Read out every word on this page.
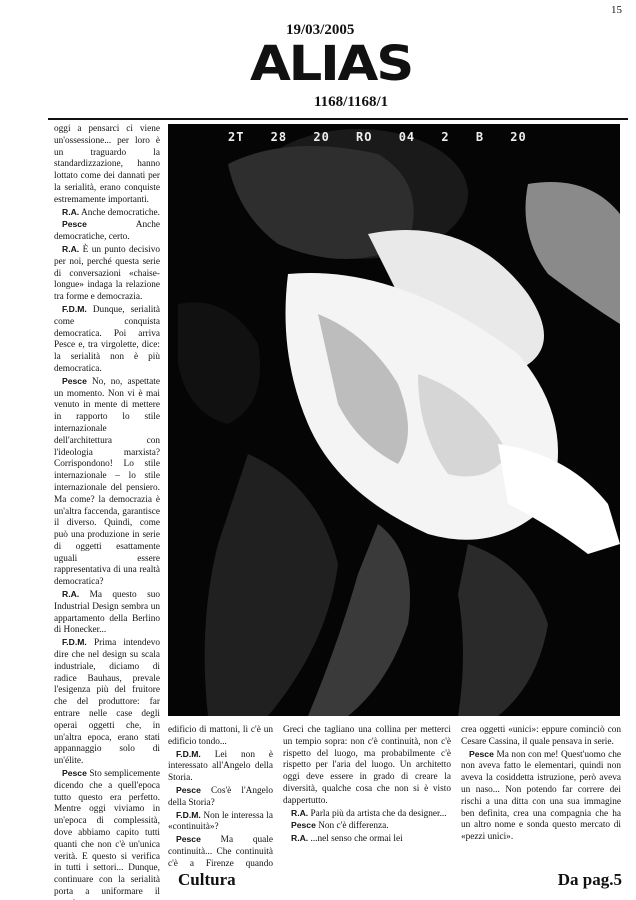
15
19/03/2005
ALIAS
1168/1168/1

oggi a pensarci ci viene un'ossessione... per loro è un traguardo la standardizzazione, hanno lottato come dei dannati per la serialità, erano conquiste estremamente importanti.

R.A. Anche democratiche.

Pesce	Anche democratiche, certo.

R.A. È un punto decisivo per noi, perché questa serie di conversazioni «chaise-longue» indaga la relazione tra forme e democrazia.

F.D.M. Dunque, serialità come conquista democratica. Poi arriva Pesce e, tra virgolette, dice: la serialità non è più democratica.

Pesce No, no, aspettate un momento. Non vi è mai venuto in mente di mettere in rapporto lo stile internazionale dell'architettura con l'ideologia marxista? Corrispondono! Lo stile internazionale – lo stile internazionale del pensiero. Ma come? la democrazia è un'altra faccenda, garantisce il diverso. Quindi, come può una produzione in serie di oggetti esattamente uguali essere rappresentativa di una realtà democratica?

R.A. Ma questo suo Industrial Design sembra un appartamento della Berlino di Honecker...

F.D.M. Prima intendevo dire che nel design su scala industriale, diciamo di radice Bauhaus, prevale l'esigenza più del fruitore che del produttore: far entrare nelle case degli operai oggetti che, in un'altra epoca, erano stati appannaggio solo di un'élite.

Pesce Sto semplicemente dicendo che a quell'epoca tutto questo era perfetto. Mentre oggi viviamo in un'epoca di complessità, dove abbiamo capito tutti quanti che non c'è un'unica verità. E questo si verifica in tutti i settori... Dunque, continuare con la serialità porta a uniformare il

2T 28 20 RO 04 2 B 20

edificio di mattoni, lì c'è un edificio tondo...

F.D.M. Lei non è interessato all'Angelo della Storia.

Pesce Cos'è l'Angelo della Storia?

F.D.M. Non le interessa la «continuità»?

Pesce Ma quale continuità... Che continuità c'è a Firenze quando

Greci che tagliano una collina per metterci un tempio sopra: non c'è continuità, non c'è rispetto del luogo, ma probabilmente c'è rispetto per l'aria del luogo. Un architetto oggi deve essere in grado di creare la diversità, qualche cosa che non si è visto dappertutto.

R.A. Parla più da artista che da designer...

Pesce Non c'è differenza.

R.A. ...nel senso che ormai lei

crea oggetti «unici»: eppure cominciò con Cesare Cassina, il quale pensava in serie.

Pesce Ma non con me! Quest'uomo che non aveva fatto le elementari, quindi non aveva la cosiddetta istruzione, però aveva un naso... Non potendo far correre dei rischi a una ditta con una sua immagine ben definita, crea una compagnia che ha un altro nome e sonda questo mercato di «pezzi unici».

Cultura	Da pag.5
